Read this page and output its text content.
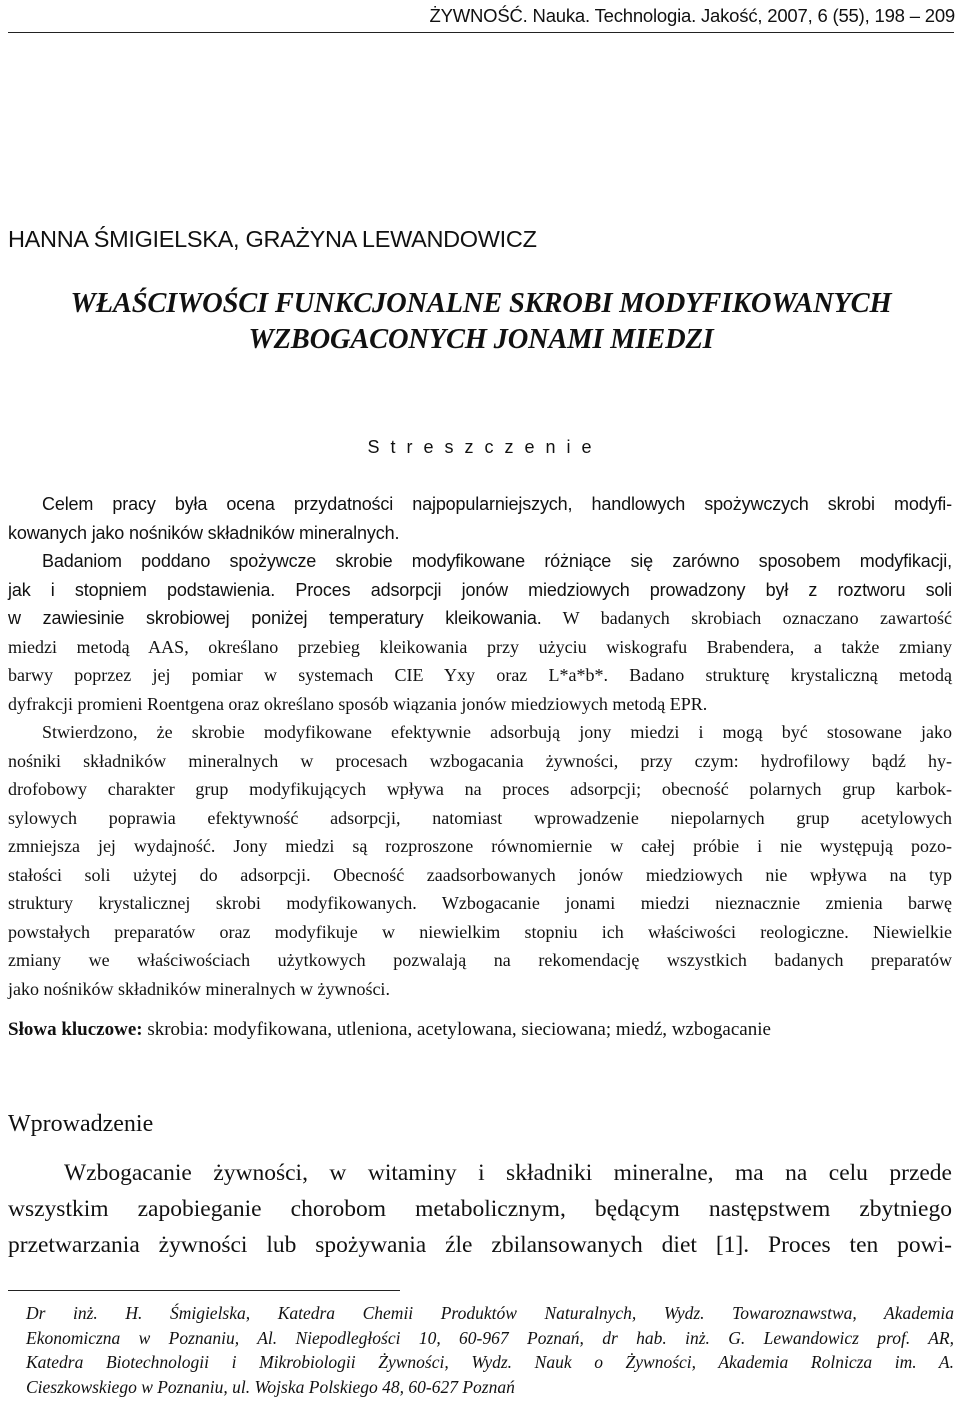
ŻYWNOŚĆ. Nauka. Technologia. Jakość, 2007, 6 (55), 198 – 209
HANNA ŚMIGIELSKA, GRAŻYNA LEWANDOWICZ
WŁAŚCIWOŚCI FUNKCJONALNE SKROBI MODYFIKOWANYCH
WZBOGACONYCH JONAMI MIEDZI
S t r e s z c z e n i e
Celem pracy była ocena przydatności najpopularniejszych, handlowych spożywczych skrobi modyfi-
kowanych jako nośników składników mineralnych.
Badaniom poddano spożywcze skrobie modyfikowane różniące się zarówno sposobem modyfikacji,
jak i stopniem podstawienia. Proces adsorpcji jonów miedziowych prowadzony był z roztworu soli
w zawiesinie skrobiowej poniżej temperatury kleikowania. W badanych skrobiach oznaczano zawartość
miedzi metodą AAS, określano przebieg kleikowania przy użyciu wiskografu Brabendera, a także zmiany
barwy poprzez jej pomiar w systemach CIE Yxy oraz L*a*b*. Badano strukturę krystaliczną metodą
dyfrakcji promieni Roentgena oraz określano sposób wiązania jonów miedziowych metodą EPR.
Stwierdzono, że skrobie modyfikowane efektywnie adsorbują jony miedzi i mogą być stosowane jako
nośniki składników mineralnych w procesach wzbogacania żywności, przy czym: hydrofilowy bądź hy-
drofobowy charakter grup modyfikujących wpływa na proces adsorpcji; obecność polarnych grup karbok-
sylowych poprawia efektywność adsorpcji, natomiast wprowadzenie niepolarnych grup acetylowych
zmniejsza jej wydajność. Jony miedzi są rozproszone równomiernie w całej próbie i nie występują pozo-
stałości soli użytej do adsorpcji. Obecność zaadsorbowanych jonów miedziowych nie wpływa na typ
struktury krystalicznej skrobi modyfikowanych. Wzbogacanie jonami miedzi nieznacznie zmienia barwę
powstałych preparatów oraz modyfikuje w niewielkim stopniu ich właściwości reologiczne. Niewielkie
zmiany we właściwościach użytkowych pozwalają na rekomendację wszystkich badanych preparatów
jako nośników składników mineralnych w żywności.
Słowa kluczowe: skrobia: modyfikowana, utleniona, acetylowana, sieciowana; miedź, wzbogacanie
Wprowadzenie
Wzbogacanie żywności, w witaminy i składniki mineralne, ma na celu przede
wszystkim zapobieganie chorobom metabolicznym, będącym następstwem zbytniego
przetwarzania żywności lub spożywania źle zbilansowanych diet [1]. Proces ten powi-
Dr inż. H. Śmigielska, Katedra Chemii Produktów Naturalnych, Wydz. Towaroznawstwa, Akademia
Ekonomiczna w Poznaniu, Al. Niepodległości 10, 60-967 Poznań, dr hab. inż. G. Lewandowicz prof. AR,
Katedra Biotechnologii i Mikrobiologii Żywności, Wydz. Nauk o Żywności, Akademia Rolnicza im. A.
Cieszkowskiego w Poznaniu, ul. Wojska Polskiego 48, 60-627 Poznań
